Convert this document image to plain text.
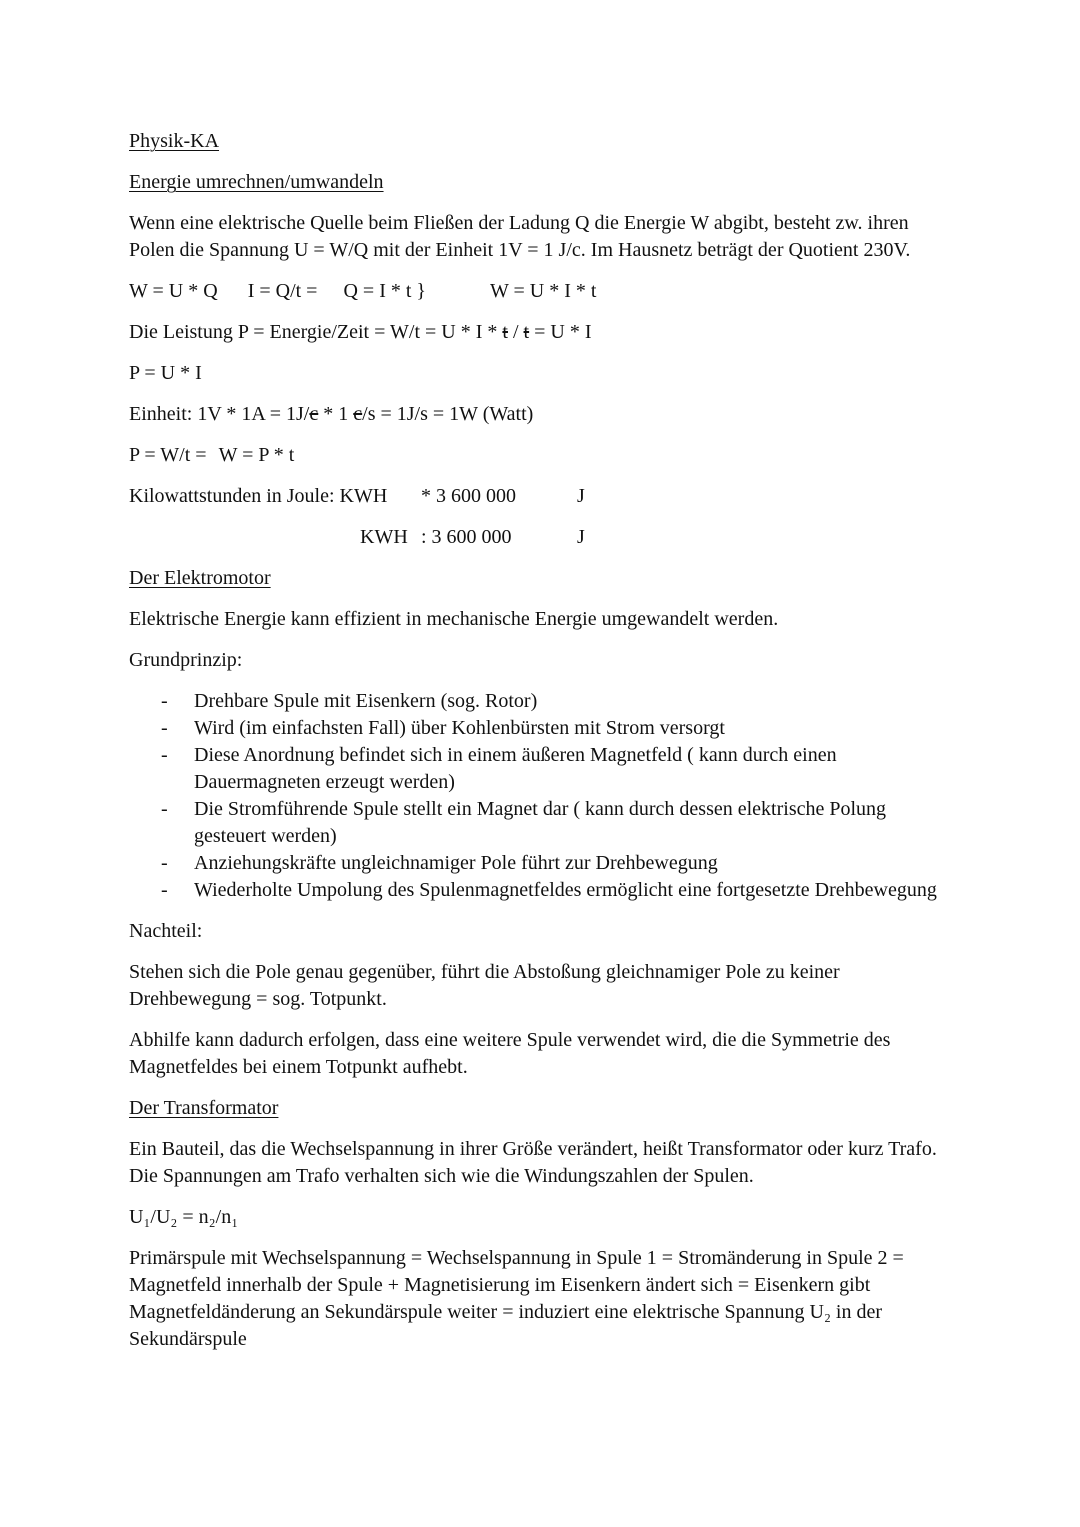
Physik-KA

Energie umrechnen/umwandeln

Wenn eine elektrische Quelle beim Fließen der Ladung Q die Energie W abgibt, besteht zw. ihren Polen die Spannung U = W/Q mit der Einheit 1V = 1 J/c. Im Hausnetz beträgt der Quotient 230V.

W = U * Q I = Q/t = Q = I * t }	W = U * I * t
Die Leistung P = Energie/Zeit = W/t = U * I * t / t = U * I

P = U * I

Einheit: 1V * 1A = 1J/c * 1 c/s = 1J/s = 1W (Watt)
P = W/t = W = P * t
Kilowattstunden in Joule: KWH * 3 600 000	J
KWH : 3 600 000	J

Der Elektromotor

Elektrische Energie kann effizient in mechanische Energie umgewandelt werden.

Grundprinzip:

- Drehbare Spule mit Eisenkern (sog. Rotor)
- Wird (im einfachsten Fall) über Kohlenbürsten mit Strom versorgt
- Diese Anordnung befindet sich in einem äußeren Magnetfeld ( kann durch einen Dauermagneten erzeugt werden)
- Die Stromführende Spule stellt ein Magnet dar ( kann durch dessen elektrische Polung gesteuert werden)
- Anziehungskräfte ungleichnamiger Pole führt zur Drehbewegung
- Wiederholte Umpolung des Spulenmagnetfeldes ermöglicht eine fortgesetzte Drehbewegung

Nachteil:

Stehen sich die Pole genau gegenüber, führt die Abstoßung gleichnamiger Pole zu keiner Drehbewegung = sog. Totpunkt.

Abhilfe kann dadurch erfolgen, dass eine weitere Spule verwendet wird, die die Symmetrie des Magnetfeldes bei einem Totpunkt aufhebt.

Der Transformator

Ein Bauteil, das die Wechselspannung in ihrer Größe verändert, heißt Transformator oder kurz Trafo. Die Spannungen am Trafo verhalten sich wie die Windungszahlen der Spulen.

U₁/U₂ = n₂/n₁

Primärspule mit Wechselspannung = Wechselspannung in Spule 1 = Stromänderung in Spule 2 = Magnetfeld innerhalb der Spule + Magnetisierung im Eisenkern ändert sich = Eisenkern gibt Magnetfeldänderung an Sekundärspule weiter = induziert eine elektrische Spannung U₂ in der Sekundärspule
